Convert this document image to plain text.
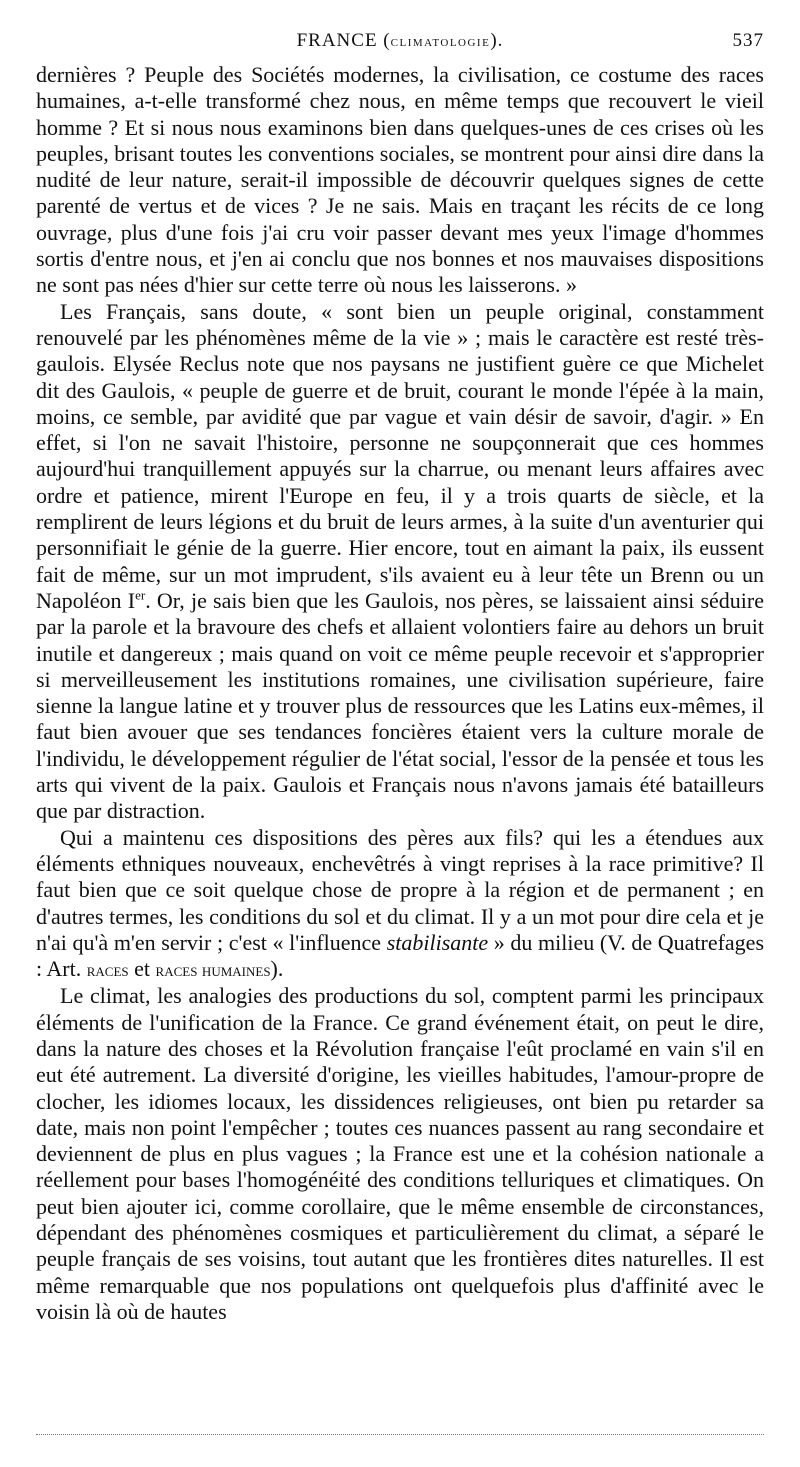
FRANCE (climatologie).	537

dernières ? Peuple des Sociétés modernes, la civilisation, ce costume des races humaines, a-t-elle transformé chez nous, en même temps que recouvert le vieil homme ? Et si nous nous examinons bien dans quelques-unes de ces crises où les peuples, brisant toutes les conventions sociales, se montrent pour ainsi dire dans la nudité de leur nature, serait-il impossible de découvrir quelques signes de cette parenté de vertus et de vices ? Je ne sais. Mais en traçant les récits de ce long ouvrage, plus d'une fois j'ai cru voir passer devant mes yeux l'image d'hommes sortis d'entre nous, et j'en ai conclu que nos bonnes et nos mauvaises dispositions ne sont pas nées d'hier sur cette terre où nous les laisserons. »

Les Français, sans doute, « sont bien un peuple original, constamment renouvelé par les phénomènes même de la vie » ; mais le caractère est resté très-gaulois. Elysée Reclus note que nos paysans ne justifient guère ce que Michelet dit des Gaulois, « peuple de guerre et de bruit, courant le monde l'épée à la main, moins, ce semble, par avidité que par vague et vain désir de savoir, d'agir. » En effet, si l'on ne savait l'histoire, personne ne soupçonnerait que ces hommes aujourd'hui tranquillement appuyés sur la charrue, ou menant leurs affaires avec ordre et patience, mirent l'Europe en feu, il y a trois quarts de siècle, et la remplirent de leurs légions et du bruit de leurs armes, à la suite d'un aventurier qui personnifiait le génie de la guerre. Hier encore, tout en aimant la paix, ils eussent fait de même, sur un mot imprudent, s'ils avaient eu à leur tête un Brenn ou un Napoléon Ier. Or, je sais bien que les Gaulois, nos pères, se laissaient ainsi séduire par la parole et la bravoure des chefs et allaient volontiers faire au dehors un bruit inutile et dangereux ; mais quand on voit ce même peuple recevoir et s'approprier si merveilleusement les institutions romaines, une civilisation supérieure, faire sienne la langue latine et y trouver plus de ressources que les Latins eux-mêmes, il faut bien avouer que ses tendances foncières étaient vers la culture morale de l'individu, le développement régulier de l'état social, l'essor de la pensée et tous les arts qui vivent de la paix. Gaulois et Français nous n'avons jamais été batailleurs que par distraction.

Qui a maintenu ces dispositions des pères aux fils? qui les a étendues aux éléments ethniques nouveaux, enchevêtrés à vingt reprises à la race primitive? Il faut bien que ce soit quelque chose de propre à la région et de permanent ; en d'autres termes, les conditions du sol et du climat. Il y a un mot pour dire cela et je n'ai qu'à m'en servir ; c'est « l'influence stabilisante » du milieu (V. de Quatrefages : Art. races et races humaines).

Le climat, les analogies des productions du sol, comptent parmi les principaux éléments de l'unification de la France. Ce grand événement était, on peut le dire, dans la nature des choses et la Révolution française l'eût proclamé en vain s'il en eut été autrement. La diversité d'origine, les vieilles habitudes, l'amour-propre de clocher, les idiomes locaux, les dissidences religieuses, ont bien pu retarder sa date, mais non point l'empêcher ; toutes ces nuances passent au rang secondaire et deviennent de plus en plus vagues ; la France est une et la cohésion nationale a réellement pour bases l'homogénéité des conditions telluriques et climatiques. On peut bien ajouter ici, comme corollaire, que le même ensemble de circonstances, dépendant des phénomènes cosmiques et particulièrement du climat, a séparé le peuple français de ses voisins, tout autant que les frontières dites naturelles. Il est même remarquable que nos populations ont quelquefois plus d'affinité avec le voisin là où de hautes
